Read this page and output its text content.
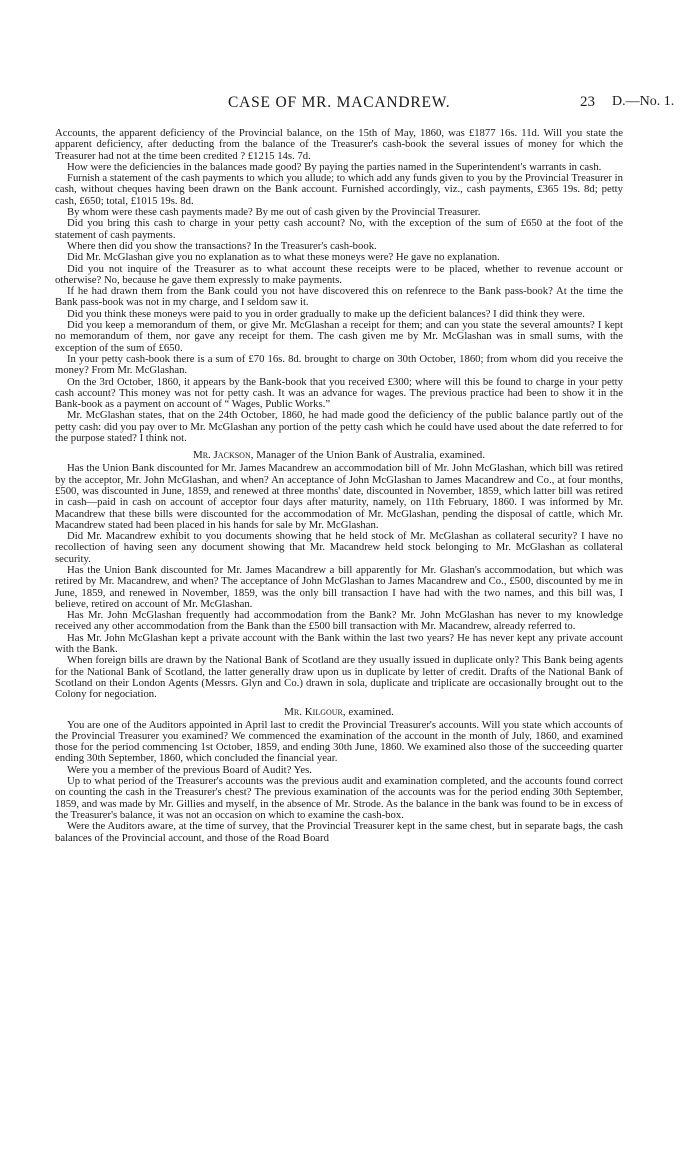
CASE OF MR. MACANDREW.	23 D.—No. 1.

Accounts, the apparent deficiency of the Provincial balance, on the 15th of May, 1860, was £1877 16s. 11d. Will you state the apparent deficiency, after deducting from the balance of the Treasurer's cash-book the several issues of money for which the Treasurer had not at the time been credited ? £1215 14s. 7d.

How were the deficiencies in the balances made good? By paying the parties named in the Superintendent's warrants in cash.

Furnish a statement of the cash payments to which you allude; to which add any funds given to you by the Provincial Treasurer in cash, without cheques having been drawn on the Bank account. Furnished accordingly, viz., cash payments, £365 19s. 8d; petty cash, £650; total, £1015 19s. 8d.

By whom were these cash payments made? By me out of cash given by the Provincial Treasurer.

Did you bring this cash to charge in your petty cash account? No, with the exception of the sum of £650 at the foot of the statement of cash payments.

Where then did you show the transactions? In the Treasurer's cash-book.

Did Mr. McGlashan give you no explanation as to what these moneys were? He gave no explanation.

Did you not inquire of the Treasurer as to what account these receipts were to be placed, whether to revenue account or otherwise? No, because he gave them expressly to make payments.

If he had drawn them from the Bank could you not have discovered this on refenrece to the Bank pass-book? At the time the Bank pass-book was not in my charge, and I seldom saw it.

Did you think these moneys were paid to you in order gradually to make up the deficient balances? I did think they were.

Did you keep a memorandum of them, or give Mr. McGlashan a receipt for them; and can you state the several amounts? I kept no memorandum of them, nor gave any receipt for them. The cash given me by Mr. McGlashan was in small sums, with the exception of the sum of £650.

In your petty cash-book there is a sum of £70 16s. 8d. brought to charge on 30th October, 1860; from whom did you receive the money? From Mr. McGlashan.

On the 3rd October, 1860, it appears by the Bank-book that you received £300; where will this be found to charge in your petty cash account? This money was not for petty cash. It was an advance for wages. The previous practice had been to show it in the Bank-book as a payment on account of “ Wages, Public Works.”

Mr. McGlashan states, that on the 24th October, 1860, he had made good the deficiency of the public balance partly out of the petty cash: did you pay over to Mr. McGlashan any portion of the petty cash which he could have used about the date referred to for the purpose stated? I think not.

Mr. Jackson, Manager of the Union Bank of Australia, examined.

Has the Union Bank discounted for Mr. James Macandrew an accommodation bill of Mr. John McGlashan, which bill was retired by the acceptor, Mr. John McGlashan, and when? An acceptance of John McGlashan to James Macandrew and Co., at four months, £500, was discounted in June, 1859, and renewed at three months' date, discounted in November, 1859, which latter bill was retired in cash—paid in cash on account of acceptor four days after maturity, namely, on 11th February, 1860. I was informed by Mr. Macandrew that these bills were discounted for the accommodation of Mr. McGlashan, pending the disposal of cattle, which Mr. Macandrew stated had been placed in his hands for sale by Mr. McGlashan.

Did Mr. Macandrew exhibit to you documents showing that he held stock of Mr. McGlashan as collateral security? I have no recollection of having seen any document showing that Mr. Macandrew held stock belonging to Mr. McGlashan as collateral security.

Has the Union Bank discounted for Mr. James Macandrew a bill apparently for Mr. Glashan's accommodation, but which was retired by Mr. Macandrew, and when? The acceptance of John McGlashan to James Macandrew and Co., £500, discounted by me in June, 1859, and renewed in November, 1859, was the only bill transaction I have had with the two names, and this bill was, I believe, retired on account of Mr. McGlashan.

Has Mr. John McGlashan frequently had accommodation from the Bank? Mr. John McGlashan has never to my knowledge received any other accommodation from the Bank than the £500 bill transaction with Mr. Macandrew, already referred to.

Has Mr. John McGlashan kept a private account with the Bank within the last two years? He has never kept any private account with the Bank.

When foreign bills are drawn by the National Bank of Scotland are they usually issued in duplicate only? This Bank being agents for the National Bank of Scotland, the latter generally draw upon us in duplicate by letter of credit. Drafts of the National Bank of Scotland on their London Agents (Messrs. Glyn and Co.) drawn in sola, duplicate and triplicate are occasionally brought out to the Colony for negociation.

Mr. Kilgour, examined.

You are one of the Auditors appointed in April last to credit the Provincial Treasurer's accounts. Will you state which accounts of the Provincial Treasurer you examined? We commenced the examination of the account in the month of July, 1860, and examined those for the period commencing 1st October, 1859, and ending 30th June, 1860. We examined also those of the succeeding quarter ending 30th September, 1860, which concluded the financial year.

Were you a member of the previous Board of Audit? Yes.

Up to what period of the Treasurer's accounts was the previous audit and examination completed, and the accounts found correct on counting the cash in the Treasurer's chest? The previous examination of the accounts was for the period ending 30th September, 1859, and was made by Mr. Gillies and myself, in the absence of Mr. Strode. As the balance in the bank was found to be in excess of the Treasurer's balance, it was not an occasion on which to examine the cash-box.

Were the Auditors aware, at the time of survey, that the Provincial Treasurer kept in the same chest, but in separate bags, the cash balances of the Provincial account, and those of the Road Board
